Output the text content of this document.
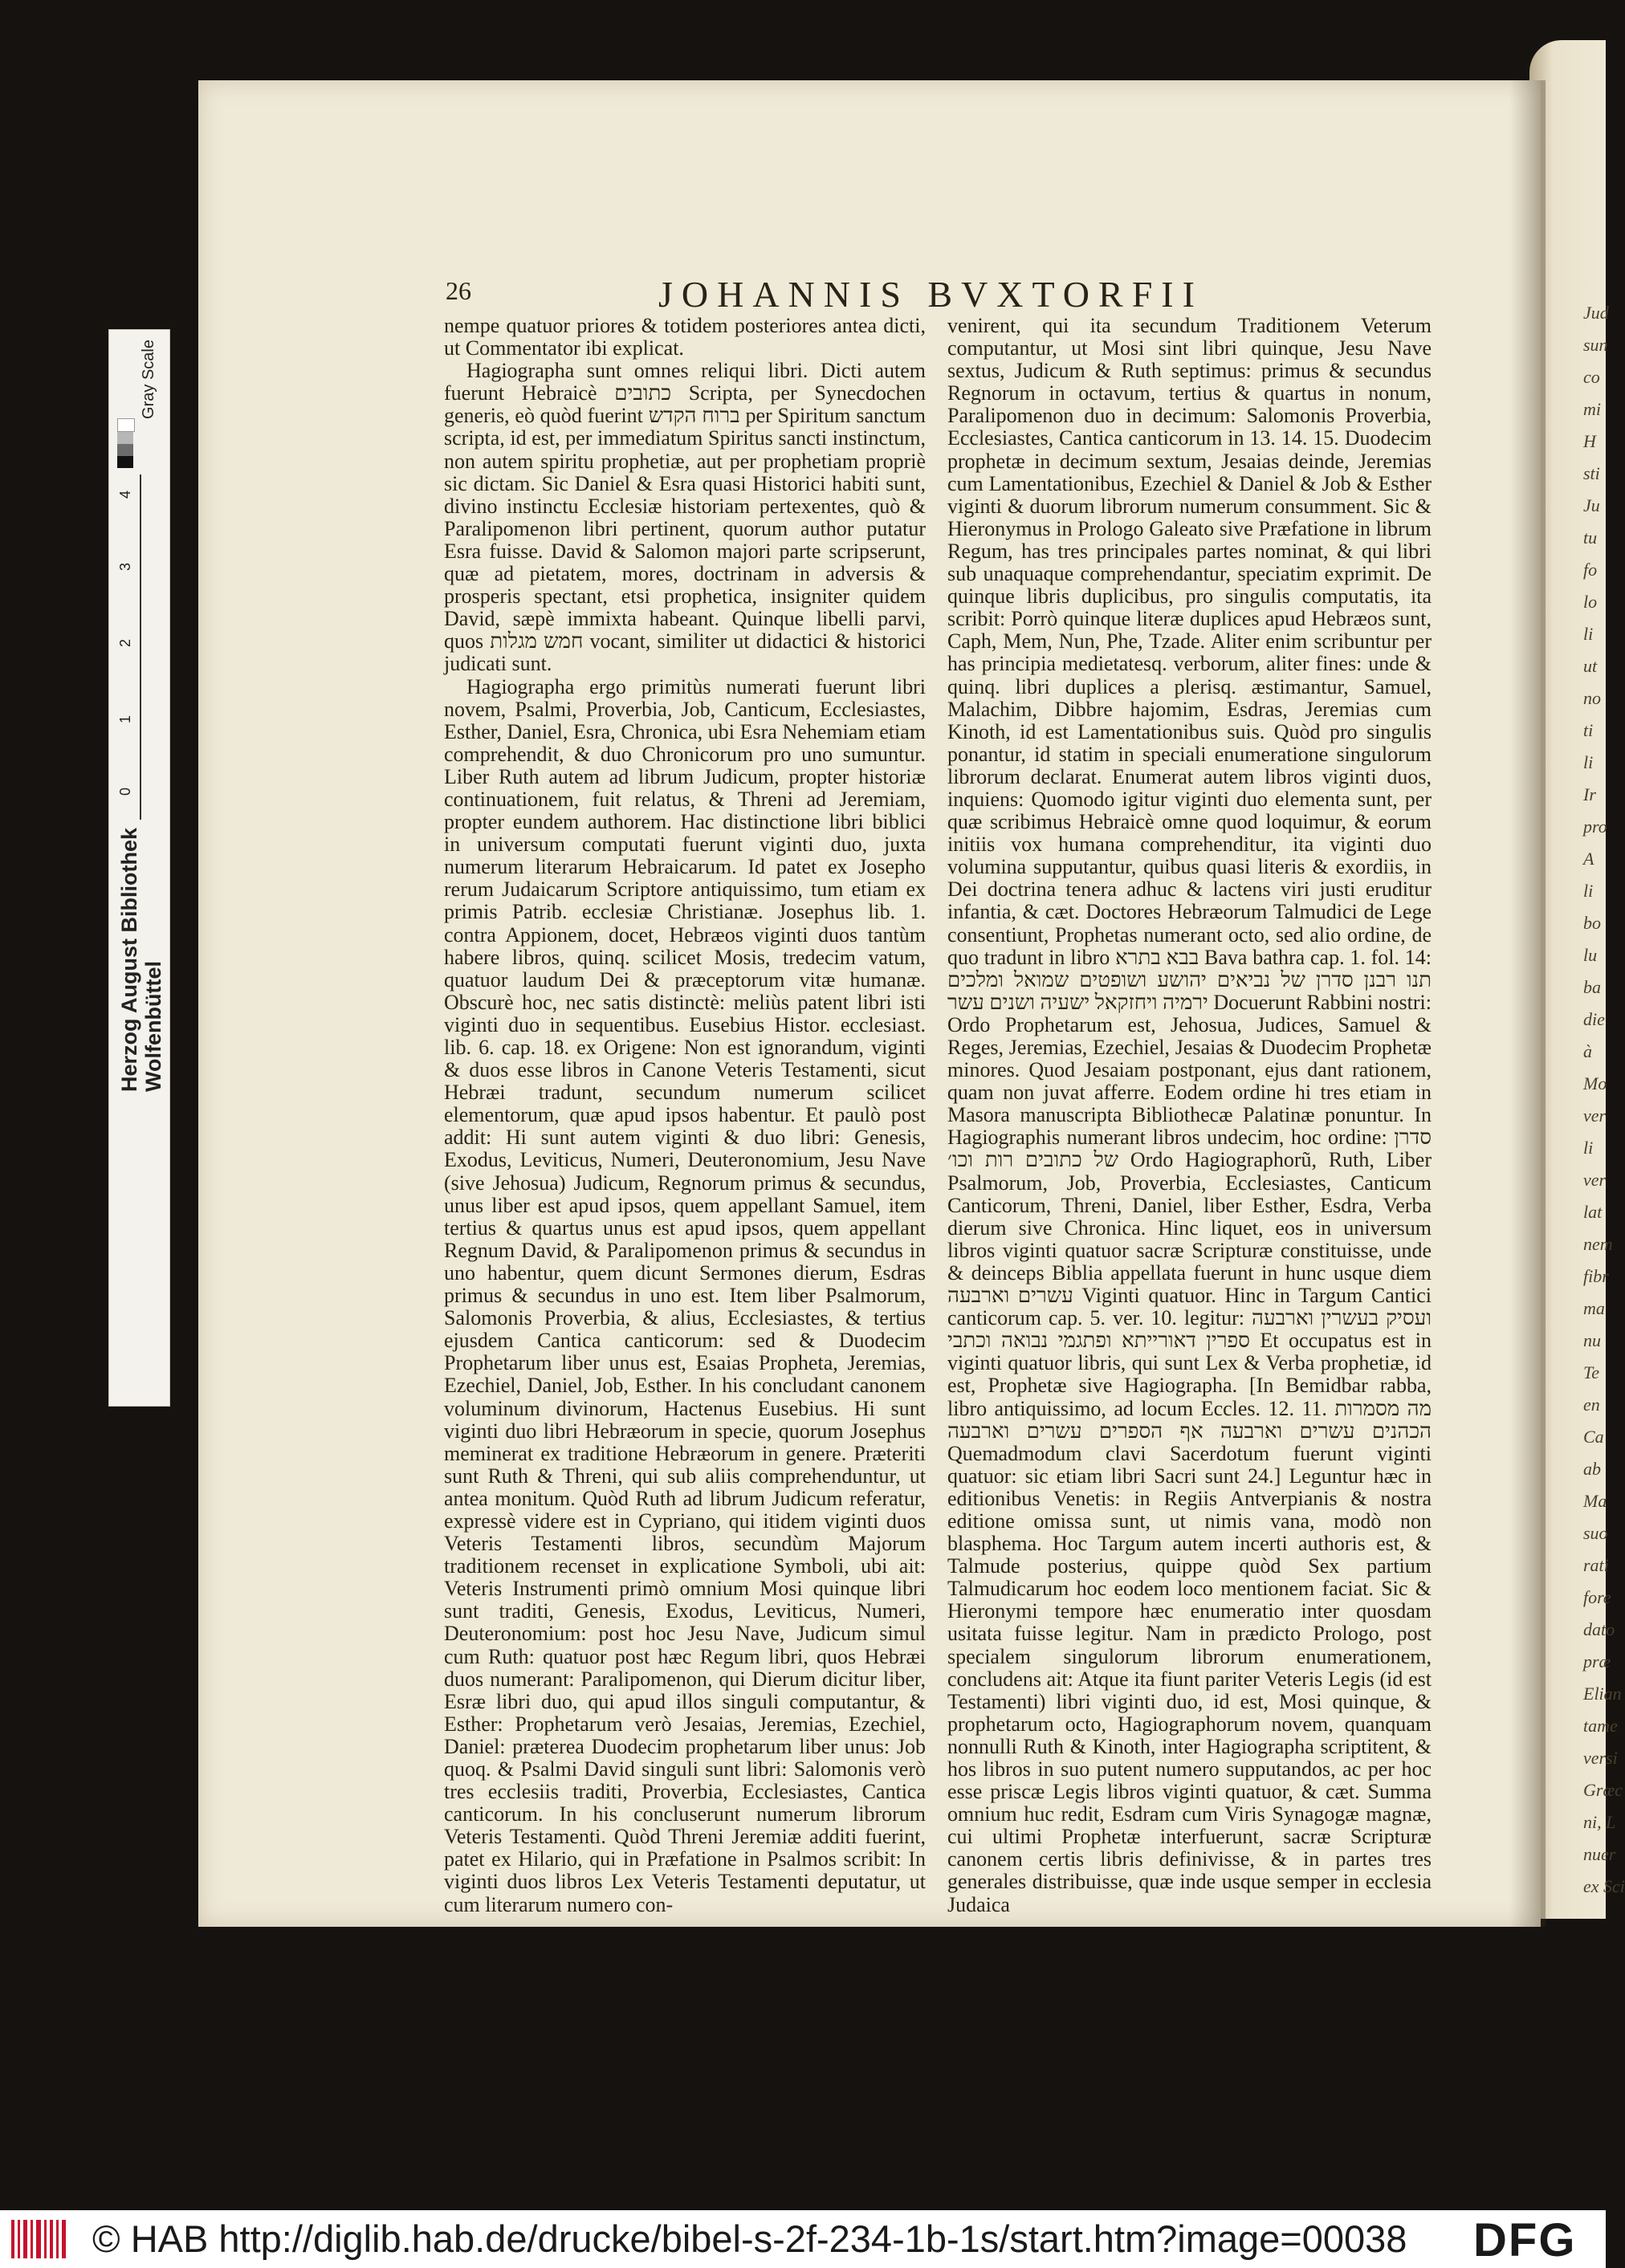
Jud
sun
co
mi
H
sti
Ju
tu
fo
lo
li
ut
no
ti
li
Ir
pro
A
li
bo
lu
ba
die
à
Mo
ver
li
ver
lat
nem
fibr
ma
nu
Te
en
Ca
ab
Ma
suo
rati
fore
dato
præ
Elian
tame
versi
Græc
ni, L
nuer
ex Sci
26	JOHANNIS BVXTORFII

nempe quatuor priores & totidem posteriores antea dicti, ut Commentator ibi explicat.

Hagiographa sunt omnes reliqui libri. Dicti autem fuerunt Hebraicè כתובים Scripta, per Synecdochen generis, eò quòd fuerint ברוח הקדש per Spiritum sanctum scripta, id est, per immediatum Spiritus sancti instinctum, non autem spiritu prophetiæ, aut per prophetiam propriè sic dictam. Sic Daniel & Esra quasi Historici habiti sunt, divino instinctu Ecclesiæ historiam pertexentes, quò & Paralipomenon libri pertinent, quorum author putatur Esra fuisse. David & Salomon majori parte scripserunt, quæ ad pietatem, mores, doctrinam in adversis & prosperis spectant, etsi prophetica, insigniter quidem David, sæpè immixta habeant. Quinque libelli parvi, quos חמש מגלות vocant, similiter ut didactici & historici judicati sunt.

Hagiographa ergo primitùs numerati fuerunt libri novem, Psalmi, Proverbia, Job, Canticum, Ecclesiastes, Esther, Daniel, Esra, Chronica, ubi Esra Nehemiam etiam comprehendit, & duo Chronicorum pro uno sumuntur. Liber Ruth autem ad librum Judicum, propter historiæ continuationem, fuit relatus, & Threni ad Jeremiam, propter eundem authorem. Hac distinctione libri biblici in universum computati fuerunt viginti duo, juxta numerum literarum Hebraicarum. Id patet ex Josepho rerum Judaicarum Scriptore antiquissimo, tum etiam ex primis Patrib. ecclesiæ Christianæ. Josephus lib. 1. contra Appionem, docet, Hebræos viginti duos tantùm habere libros, quinq. scilicet Mosis, tredecim vatum, quatuor laudum Dei & præceptorum vitæ humanæ. Obscurè hoc, nec satis distinctè: meliùs patent libri isti viginti duo in sequentibus. Eusebius Histor. ecclesiast. lib. 6. cap. 18. ex Origene: Non est ignorandum, viginti & duos esse libros in Canone Veteris Testamenti, sicut Hebræi tradunt, secundum numerum scilicet elementorum, quæ apud ipsos habentur. Et paulò post addit: Hi sunt autem viginti & duo libri: Genesis, Exodus, Leviticus, Numeri, Deuteronomium, Jesu Nave (sive Jehosua) Judicum, Regnorum primus & secundus, unus liber est apud ipsos, quem appellant Samuel, item tertius & quartus unus est apud ipsos, quem appellant Regnum David, & Paralipomenon primus & secundus in uno habentur, quem dicunt Sermones dierum, Esdras primus & secundus in uno est. Item liber Psalmorum, Salomonis Proverbia, & alius, Ecclesiastes, & tertius ejusdem Cantica canticorum: sed & Duodecim Prophetarum liber unus est, Esaias Propheta, Jeremias, Ezechiel, Daniel, Job, Esther. In his concludant canonem voluminum divinorum, Hactenus Eusebius. Hi sunt viginti duo libri Hebræorum in specie, quorum Josephus meminerat ex traditione Hebræorum in genere. Præteriti sunt Ruth & Threni, qui sub aliis comprehenduntur, ut antea monitum. Quòd Ruth ad librum Judicum referatur, expressè videre est in Cypriano, qui itidem viginti duos Veteris Testamenti libros, secundùm Majorum traditionem recenset in explicatione Symboli, ubi ait: Veteris Instrumenti primò omnium Mosi quinque libri sunt traditi, Genesis, Exodus, Leviticus, Numeri, Deuteronomium: post hoc Jesu Nave, Judicum simul cum Ruth: quatuor post hæc Regum libri, quos Hebræi duos numerant: Paralipomenon, qui Dierum dicitur liber, Esræ libri duo, qui apud illos singuli computantur, & Esther: Prophetarum verò Jesaias, Jeremias, Ezechiel, Daniel: præterea Duodecim prophetarum liber unus: Job quoq. & Psalmi David singuli sunt libri: Salomonis verò tres ecclesiis traditi, Proverbia, Ecclesiastes, Cantica canticorum. In his concluserunt numerum librorum Veteris Testamenti. Quòd Threni Jeremiæ additi fuerint, patet ex Hilario, qui in Præfatione in Psalmos scribit: In viginti duos libros Lex Veteris Testamenti deputatur, ut cum literarum numero con-

venirent, qui ita secundum Traditionem Veterum computantur, ut Mosi sint libri quinque, Jesu Nave sextus, Judicum & Ruth septimus: primus & secundus Regnorum in octavum, tertius & quartus in nonum, Paralipomenon duo in decimum: Salomonis Proverbia, Ecclesiastes, Cantica canticorum in 13. 14. 15. Duodecim prophetæ in decimum sextum, Jesaias deinde, Jeremias cum Lamentationibus, Ezechiel & Daniel & Job & Esther viginti & duorum librorum numerum consumment. Sic & Hieronymus in Prologo Galeato sive Præfatione in librum Regum, has tres principales partes nominat, & qui libri sub unaquaque comprehendantur, speciatim exprimit. De quinque libris duplicibus, pro singulis computatis, ita scribit: Porrò quinque literæ duplices apud Hebræos sunt, Caph, Mem, Nun, Phe, Tzade. Aliter enim scribuntur per has principia medietatesq. verborum, aliter fines: unde & quinq. libri duplices a plerisq. æstimantur, Samuel, Malachim, Dibbre hajomim, Esdras, Jeremias cum Kinoth, id est Lamentationibus suis. Quòd pro singulis ponantur, id statim in speciali enumeratione singulorum librorum declarat. Enumerat autem libros viginti duos, inquiens: Quomodo igitur viginti duo elementa sunt, per quæ scribimus Hebraicè omne quod loquimur, & eorum initiis vox humana comprehenditur, ita viginti duo volumina supputantur, quibus quasi literis & exordiis, in Dei doctrina tenera adhuc & lactens viri justi eruditur infantia, & cæt. Doctores Hebræorum Talmudici de Lege consentiunt, Prophetas numerant octo, sed alio ordine, de quo tradunt in libro בבא בתרא Bava bathra cap. 1. fol. 14: תנו רבנן סדרן של נביאים יהושע ושופטים שמואל ומלכים ירמיה ויחזקאל ישעיה ושנים עשר Docuerunt Rabbini nostri: Ordo Prophetarum est, Jehosua, Judices, Samuel & Reges, Jeremias, Ezechiel, Jesaias & Duodecim Prophetæ minores. Quod Jesaiam postponant, ejus dant rationem, quam non juvat afferre. Eodem ordine hi tres etiam in Masora manuscripta Bibliothecæ Palatinæ ponuntur. In Hagiographis numerant libros undecim, hoc ordine: סדרן של כתובים רות וכו׳ Ordo Hagiographorũ, Ruth, Liber Psalmorum, Job, Proverbia, Ecclesiastes, Canticum Canticorum, Threni, Daniel, liber Esther, Esdra, Verba dierum sive Chronica. Hinc liquet, eos in universum libros viginti quatuor sacræ Scripturæ constituisse, unde & deinceps Biblia appellata fuerunt in hunc usque diem עשרים וארבעה Viginti quatuor. Hinc in Targum Cantici canticorum cap. 5. ver. 10. legitur: ועסיק בעשרין וארבעה ספרין דאורייתא ופתגמי נבואה וכתבי Et occupatus est in viginti quatuor libris, qui sunt Lex & Verba prophetiæ, id est, Prophetæ sive Hagiographa. [In Bemidbar rabba, libro antiquissimo, ad locum Eccles. 12. 11. מה מסמרות הכהנים עשרים וארבעה אף הספרים עשרים וארבעה Quemadmodum clavi Sacerdotum fuerunt viginti quatuor: sic etiam libri Sacri sunt 24.] Leguntur hæc in editionibus Venetis: in Regiis Antverpianis & nostra editione omissa sunt, ut nimis vana, modò non blasphema. Hoc Targum autem incerti authoris est, & Talmude posterius, quippe quòd Sex partium Talmudicarum hoc eodem loco mentionem faciat. Sic & Hieronymi tempore hæc enumeratio inter quosdam usitata fuisse legitur. Nam in prædicto Prologo, post specialem singulorum librorum enumerationem, concludens ait: Atque ita fiunt pariter Veteris Legis (id est Testamenti) libri viginti duo, id est, Mosi quinque, & prophetarum octo, Hagiographorum novem, quanquam nonnulli Ruth & Kinoth, inter Hagiographa scriptitent, & hos libros in suo putent numero supputandos, ac per hoc esse priscæ Legis libros viginti quatuor, & cæt. Summa omnium huc redit, Esdram cum Viris Synagogæ magnæ, cui ultimi Prophetæ interfuerunt, sacræ Scripturæ canonem certis libris definivisse, & in partes tres generales distribuisse, quæ inde usque semper in ecclesia Judaica

Gray Scale
0
1
2
3
4
Herzog August Bibliothek Wolfenbüttel
© HAB http://diglib.hab.de/drucke/bibel-s-2f-234-1b-1s/start.htm?image=00038 DFG
